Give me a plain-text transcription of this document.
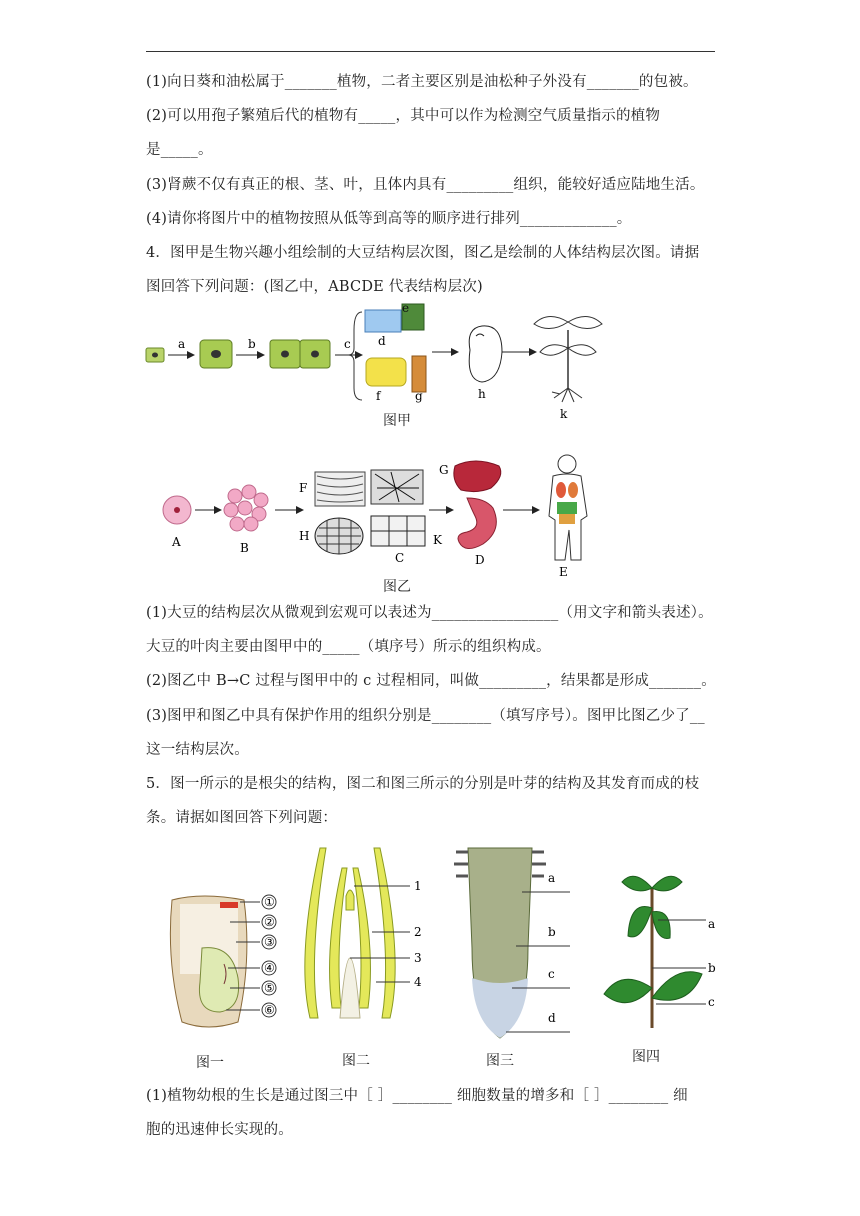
(1)向日葵和油松属于_______植物，二者主要区别是油松种子外没有_______的包被。
(2)可以用孢子繁殖后代的植物有_____，其中可以作为检测空气质量指示的植物
是_____。
(3)肾蕨不仅有真正的根、茎、叶，且体内具有_________组织，能较好适应陆地生活。
(4)请你将图片中的植物按照从低等到高等的顺序进行排列_____________。
4．图甲是生物兴趣小组绘制的大豆结构层次图，图乙是绘制的人体结构层次图。请据
图回答下列问题：(图乙中，ABCDE 代表结构层次)
a	b	c d
e
f	g	h
k
图甲
A	B
F
G
H
C
K
D
E
图乙
(1)大豆的结构层次从微观到宏观可以表述为_________________（用文字和箭头表述）。
大豆的叶肉主要由图甲中的_____（填序号）所示的组织构成。
(2)图乙中 B→C 过程与图甲中的 c 过程相同，叫做_________，结果都是形成_______。
(3)图甲和图乙中具有保护作用的组织分别是________（填写序号）。图甲比图乙少了__
这一结构层次。
5．图一所示的是根尖的结构，图二和图三所示的分别是叶芽的结构及其发育而成的枝
条。请据如图回答下列问题：
①
②
③
④
⑤
⑥
1
2
3
4
a
b
c
d
a
b
c
图一	图二	图三	图四
(1)植物幼根的生长是通过图三中［ ］________ 细胞数量的增多和［ ］________ 细
胞的迅速伸长实现的。
